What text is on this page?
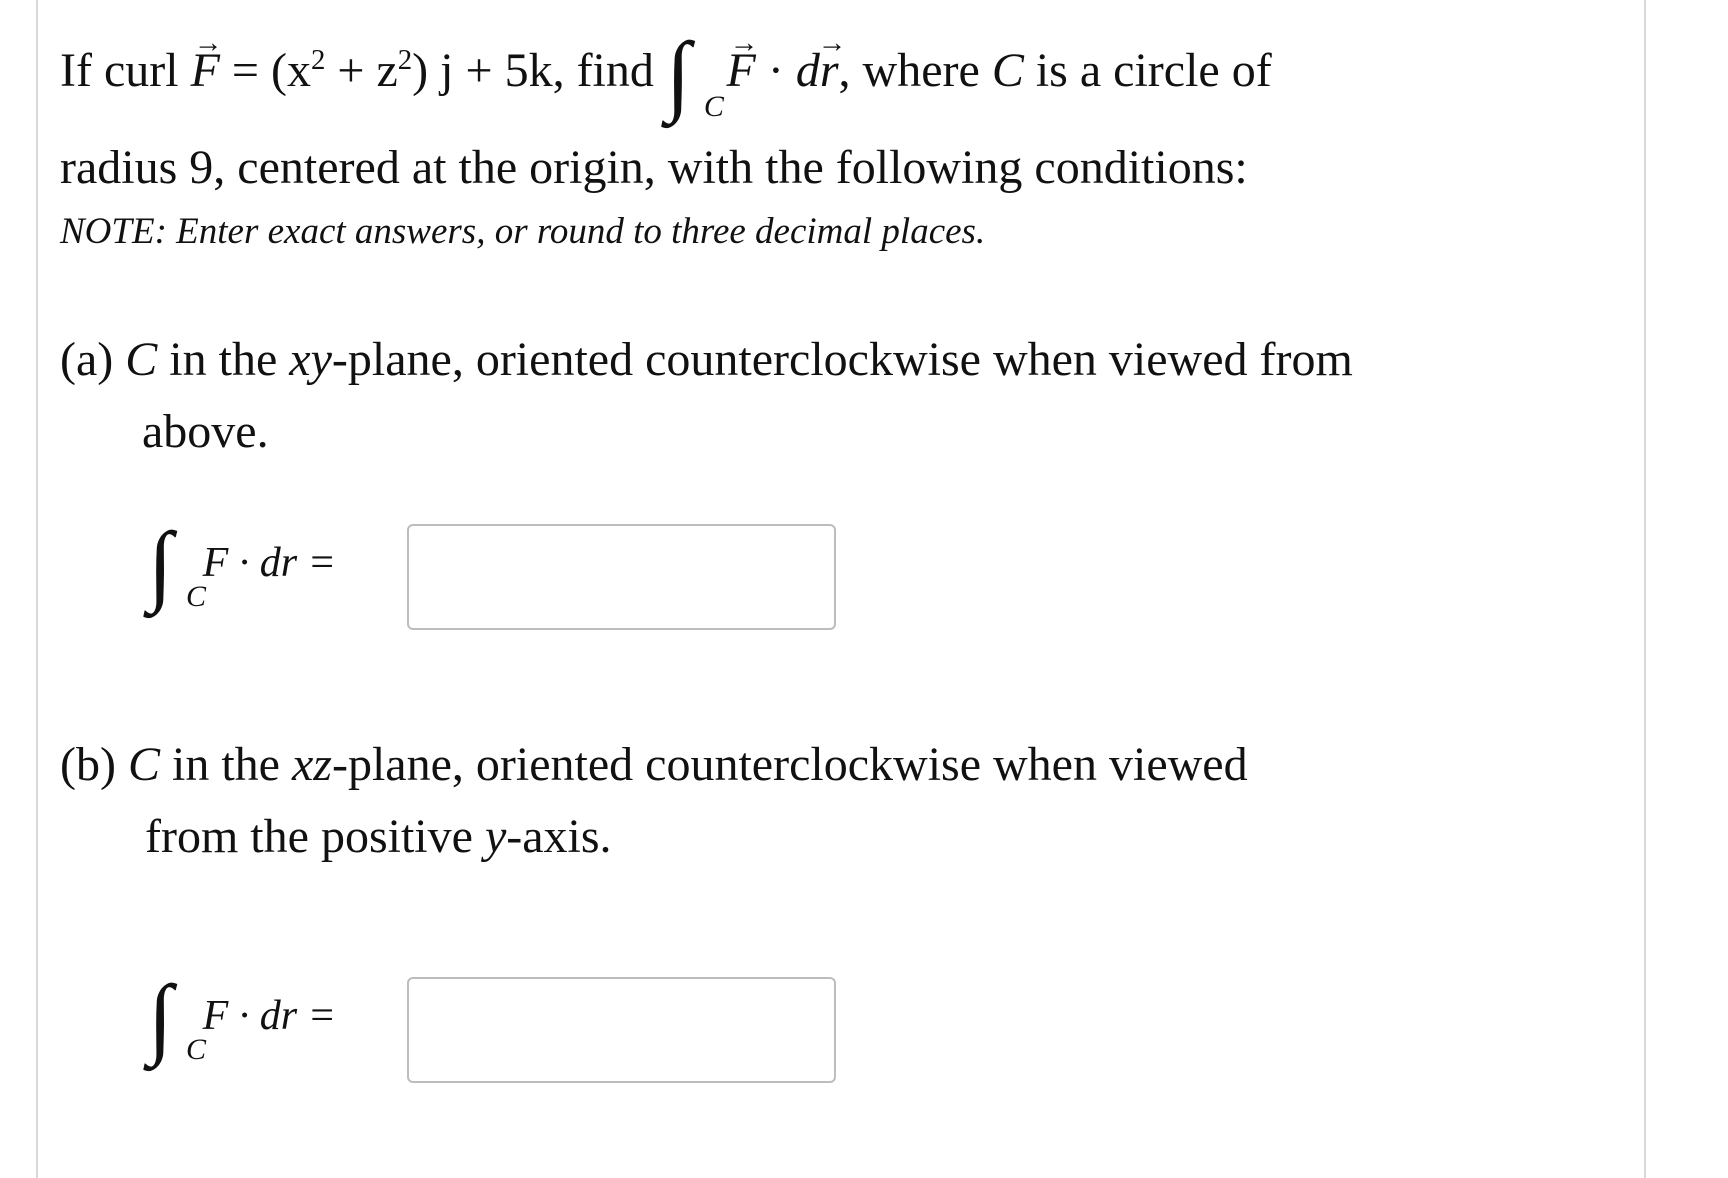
If curl → $F = (x^2 + z^2) j + 5k$, find ∫ C
→ F · d→ r, where C is a circle of
radius 9, centered at the origin, with the following conditions:
NOTE: Enter exact answers, or round to three decimal places.
(a) C in the xy-plane, oriented counterclockwise when viewed from
above.
∫ C
F · dr =
(b) C in the xz-plane, oriented counterclockwise when viewed
from the positive y-axis.
∫ C
F · dr =
